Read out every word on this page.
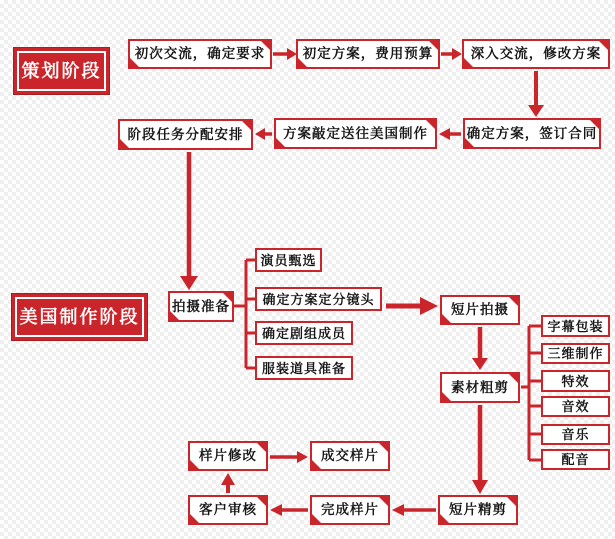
策划阶段
美国制作阶段
初次交流，确定要求	初定方案，费用预算	深入交流，修改方案
确定方案，签订合同
方案敲定送往美国制作
阶段任务分配安排
拍摄准备
演员甄选
确定方案定分镜头
确定剧组成员
服装道具准备
短片拍摄
素材粗剪
字幕包装
三维制作
特效
音效
音乐
配音
短片精剪
完成样片
客户审核
样片修改	成交样片
